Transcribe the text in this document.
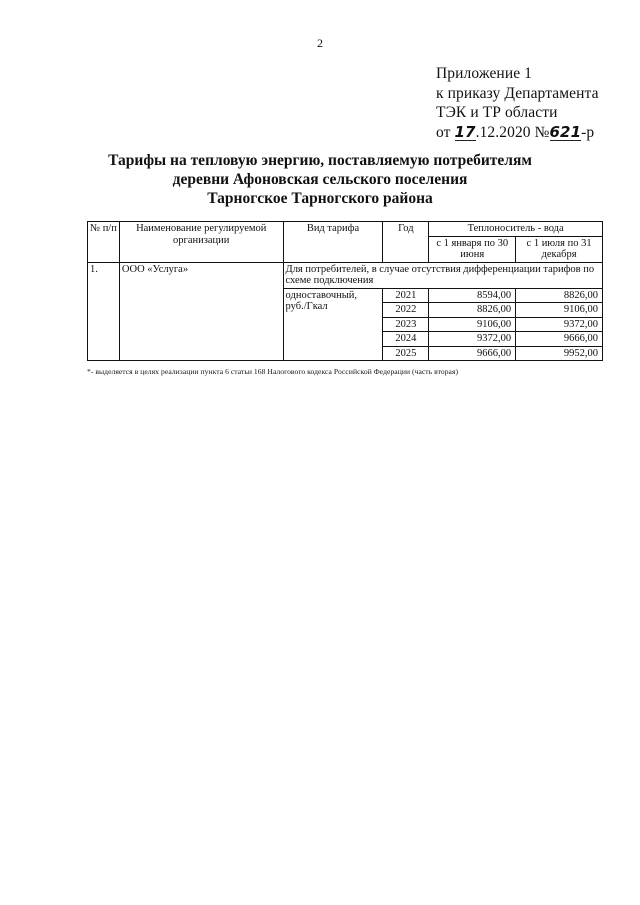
2
Приложение 1
к приказу Департамента
ТЭК и ТР области
от 17.12.2020 №621-р
Тарифы на тепловую энергию, поставляемую потребителям
деревни Афоновская сельского поселения
Тарногское Тарногского района
№ п/п	Наименование регулируемой организации	Вид тарифа	Год	Теплоноситель - вода	
				с 1 января по 30 июня	с 1 июля по 31 декабря
1.	ООО «Услуга»	Для потребителей, в случае отсутствия дифференциации тарифов по схеме подключения			
		одноставочный, руб./Гкал	2021	8594,00	8826,00
			2022	8826,00	9106,00
			2023	9106,00	9372,00
			2024	9372,00	9666,00
			2025	9666,00	9952,00
*- выделяется в целях реализации пункта 6 статьи 168 Налогового кодекса Российской Федерации (часть вторая)
